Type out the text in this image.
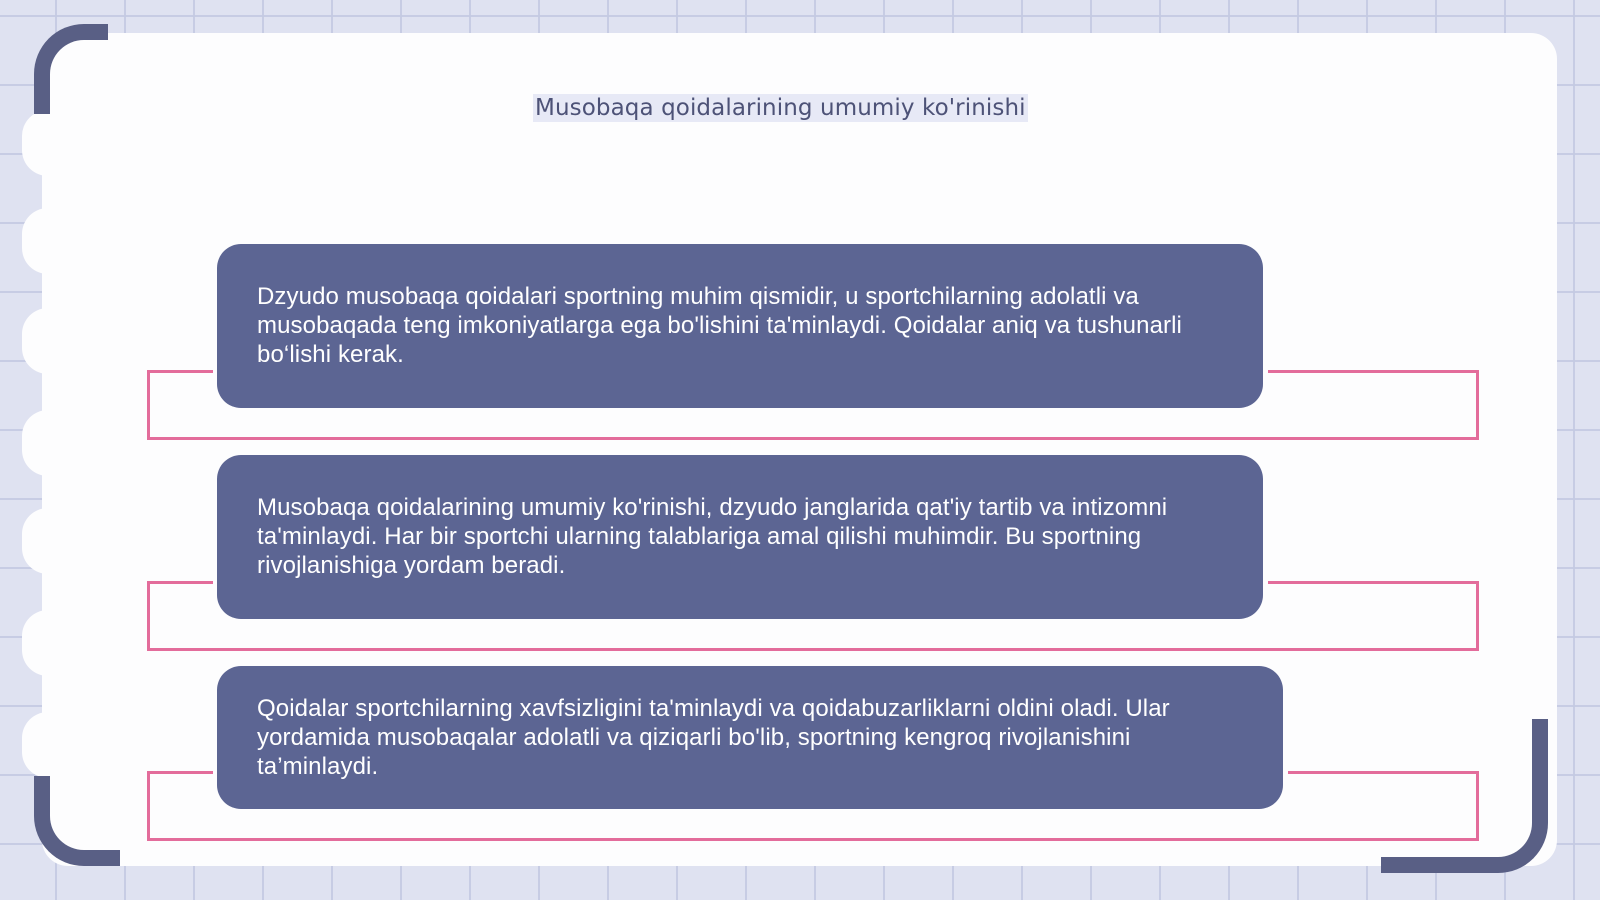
Musobaqa qoidalarining umumiy ko'rinishi
Dzyudo musobaqa qoidalari sportning muhim qismidir, u sportchilarning adolatli va musobaqada teng imkoniyatlarga ega bo'lishini ta'minlaydi. Qoidalar aniq va tushunarli bo‘lishi kerak.
Musobaqa qoidalarining umumiy ko'rinishi, dzyudo janglarida qat'iy tartib va intizomni ta'minlaydi. Har bir sportchi ularning talablariga amal qilishi muhimdir. Bu sportning rivojlanishiga yordam beradi.
Qoidalar sportchilarning xavfsizligini ta'minlaydi va qoidabuzarliklarni oldini oladi. Ular yordamida musobaqalar adolatli va qiziqarli bo'lib, sportning kengroq rivojlanishini ta’minlaydi.
